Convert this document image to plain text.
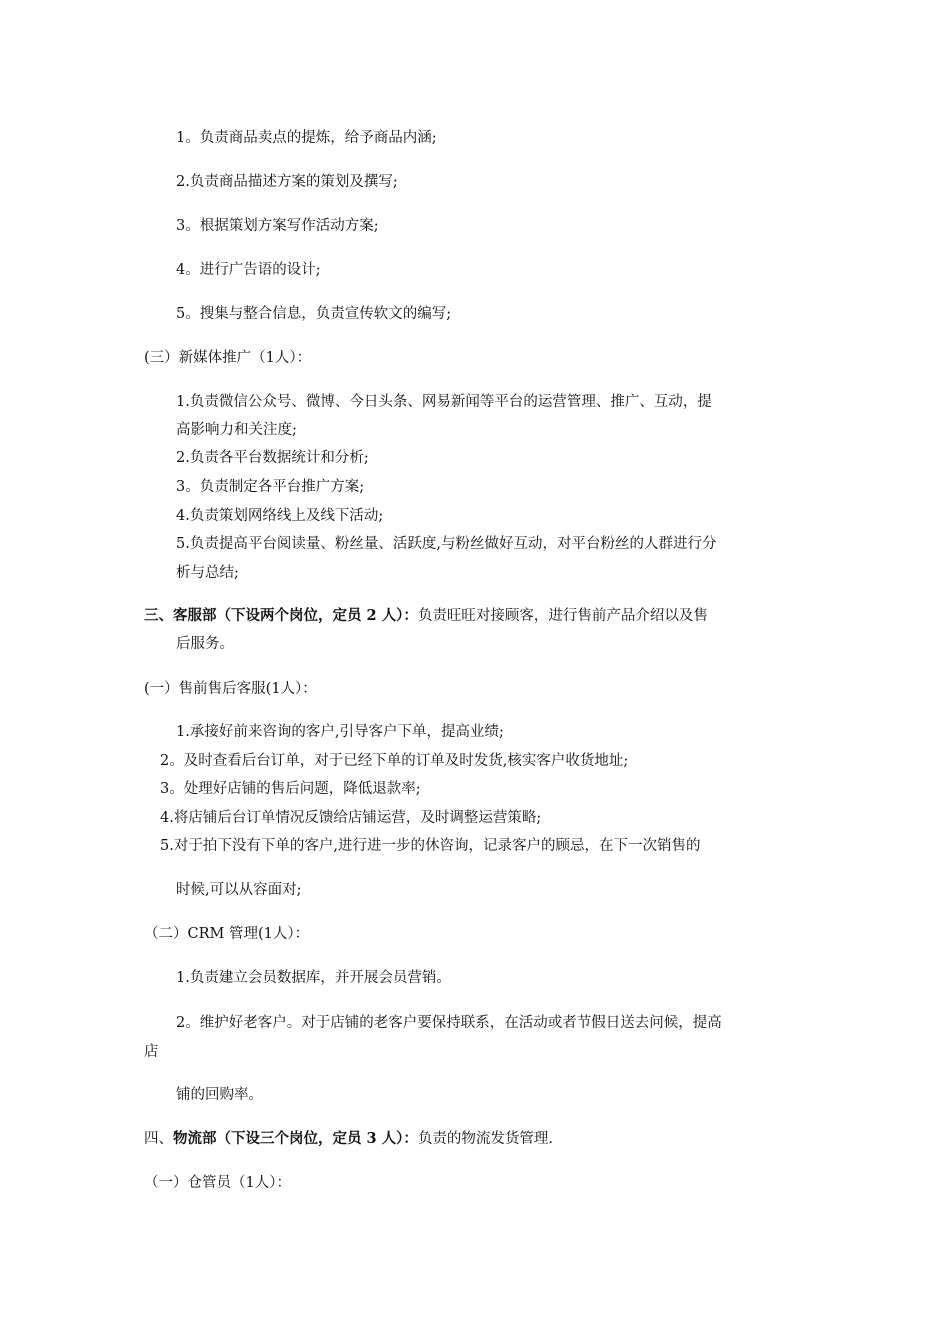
1。负责商品卖点的提炼，给予商品内涵;
2.负责商品描述方案的策划及撰写;
3。根据策划方案写作活动方案;
4。进行广告语的设计;
5。搜集与整合信息，负责宣传软文的编写;
(三）新媒体推广（1人）：
1.负责微信公众号、微博、今日头条、网易新闻等平台的运营管理、推广、互动，提
高影响力和关注度;
2.负责各平台数据统计和分析;
3。负责制定各平台推广方案;
4.负责策划网络线上及线下活动;
5.负责提高平台阅读量、粉丝量、活跃度,与粉丝做好互动，对平台粉丝的人群进行分
析与总结;
三、客服部（下设两个岗位，定员 2 人）：负责旺旺对接顾客，进行售前产品介绍以及售
后服务。
(一）售前售后客服(1人）：
1.承接好前来咨询的客户,引导客户下单，提高业绩;
2。及时查看后台订单，对于已经下单的订单及时发货,核实客户收货地址;
3。处理好店铺的售后问题，降低退款率;
4.将店铺后台订单情况反馈给店铺运营，及时调整运营策略;
5.对于拍下没有下单的客户,进行进一步的休咨询，记录客户的顾忌，在下一次销售的
时候,可以从容面对;
（二）CRM 管理(1人）：
1.负责建立会员数据库，并开展会员营销。
2。维护好老客户。对于店铺的老客户要保持联系，在活动或者节假日送去问候，提高
店
铺的回购率。
四、物流部（下设三个岗位，定员 3 人）：负责的物流发货管理.
（一）仓管员（1人）：
